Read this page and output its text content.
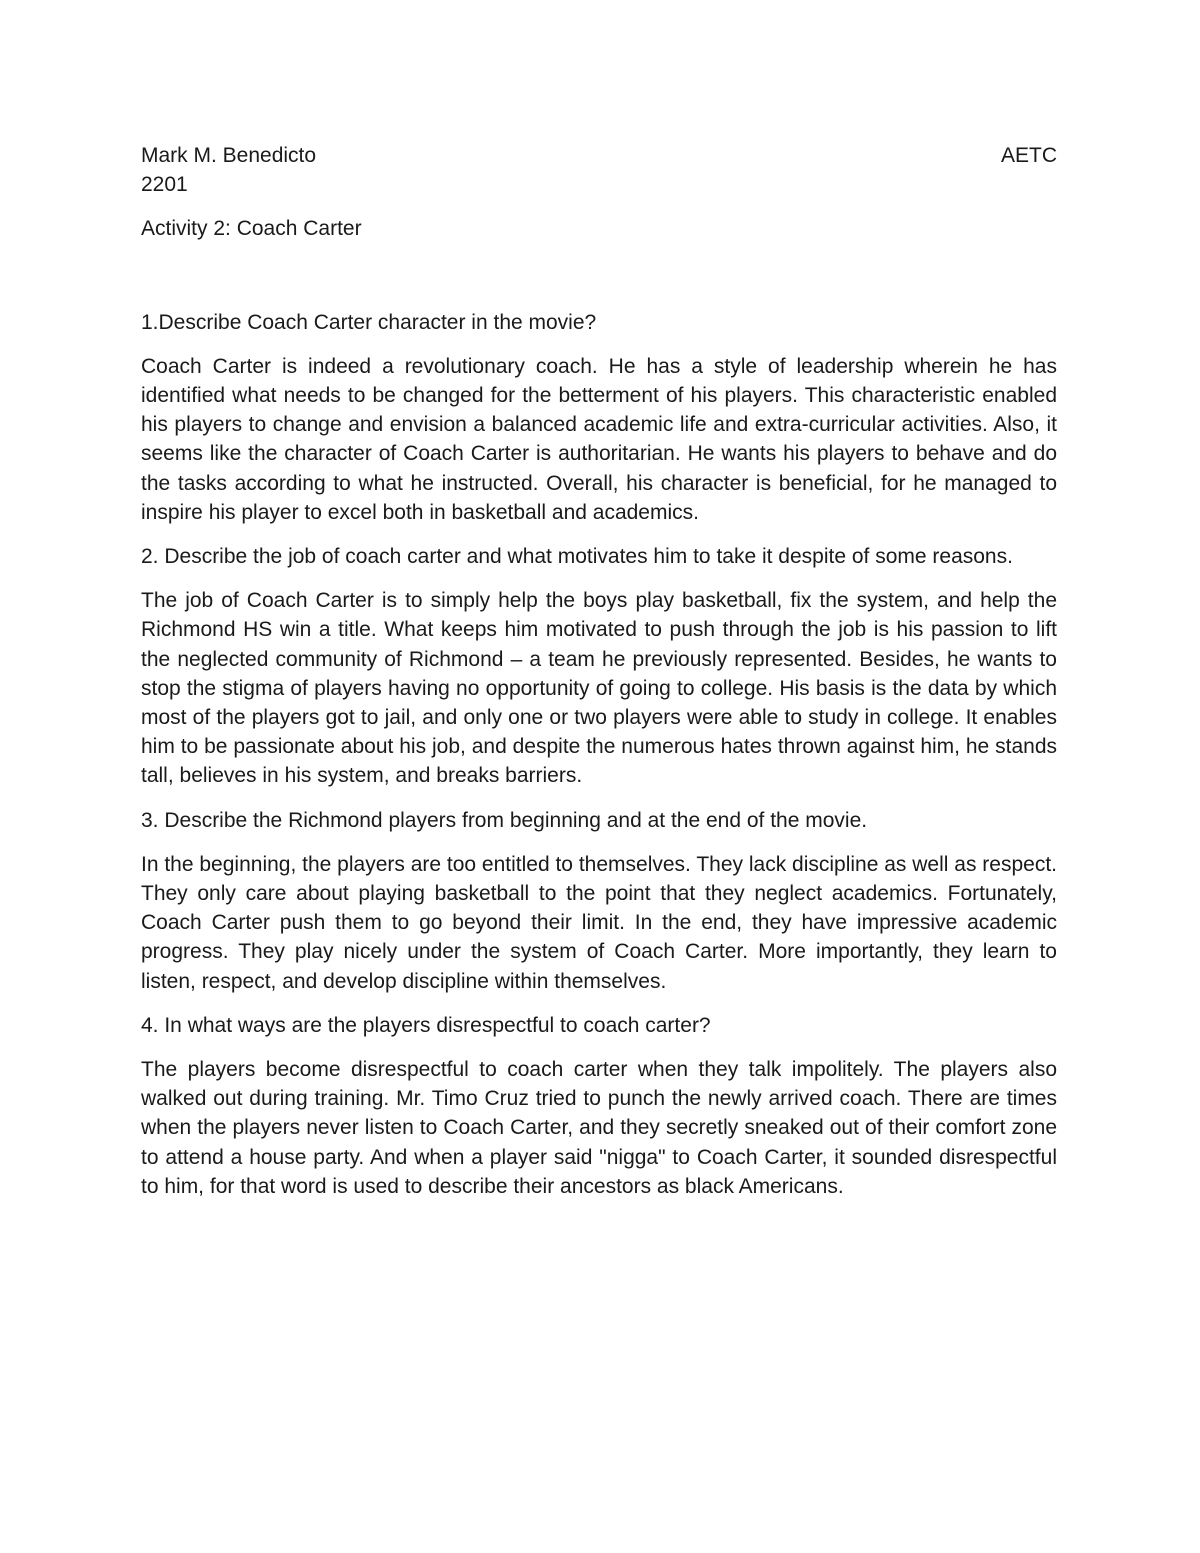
Mark M. Benedicto	AETC

2201

Activity 2: Coach Carter

1.Describe Coach Carter character in the movie?

Coach Carter is indeed a revolutionary coach. He has a style of leadership wherein he has identified what needs to be changed for the betterment of his players. This characteristic enabled his players to change and envision a balanced academic life and extra-curricular activities. Also, it seems like the character of Coach Carter is authoritarian. He wants his players to behave and do the tasks according to what he instructed. Overall, his character is beneficial, for he managed to inspire his player to excel both in basketball and academics.

2. Describe the job of coach carter and what motivates him to take it despite of some reasons.

The job of Coach Carter is to simply help the boys play basketball, fix the system, and help the Richmond HS win a title. What keeps him motivated to push through the job is his passion to lift the neglected community of Richmond – a team he previously represented. Besides, he wants to stop the stigma of players having no opportunity of going to college. His basis is the data by which most of the players got to jail, and only one or two players were able to study in college. It enables him to be passionate about his job, and despite the numerous hates thrown against him, he stands tall, believes in his system, and breaks barriers.

3. Describe the Richmond players from beginning and at the end of the movie.

In the beginning, the players are too entitled to themselves. They lack discipline as well as respect. They only care about playing basketball to the point that they neglect academics. Fortunately, Coach Carter push them to go beyond their limit. In the end, they have impressive academic progress. They play nicely under the system of Coach Carter. More importantly, they learn to listen, respect, and develop discipline within themselves.

4. In what ways are the players disrespectful to coach carter?

The players become disrespectful to coach carter when they talk impolitely. The players also walked out during training. Mr. Timo Cruz tried to punch the newly arrived coach. There are times when the players never listen to Coach Carter, and they secretly sneaked out of their comfort zone to attend a house party. And when a player said "nigga" to Coach Carter, it sounded disrespectful to him, for that word is used to describe their ancestors as black Americans.
